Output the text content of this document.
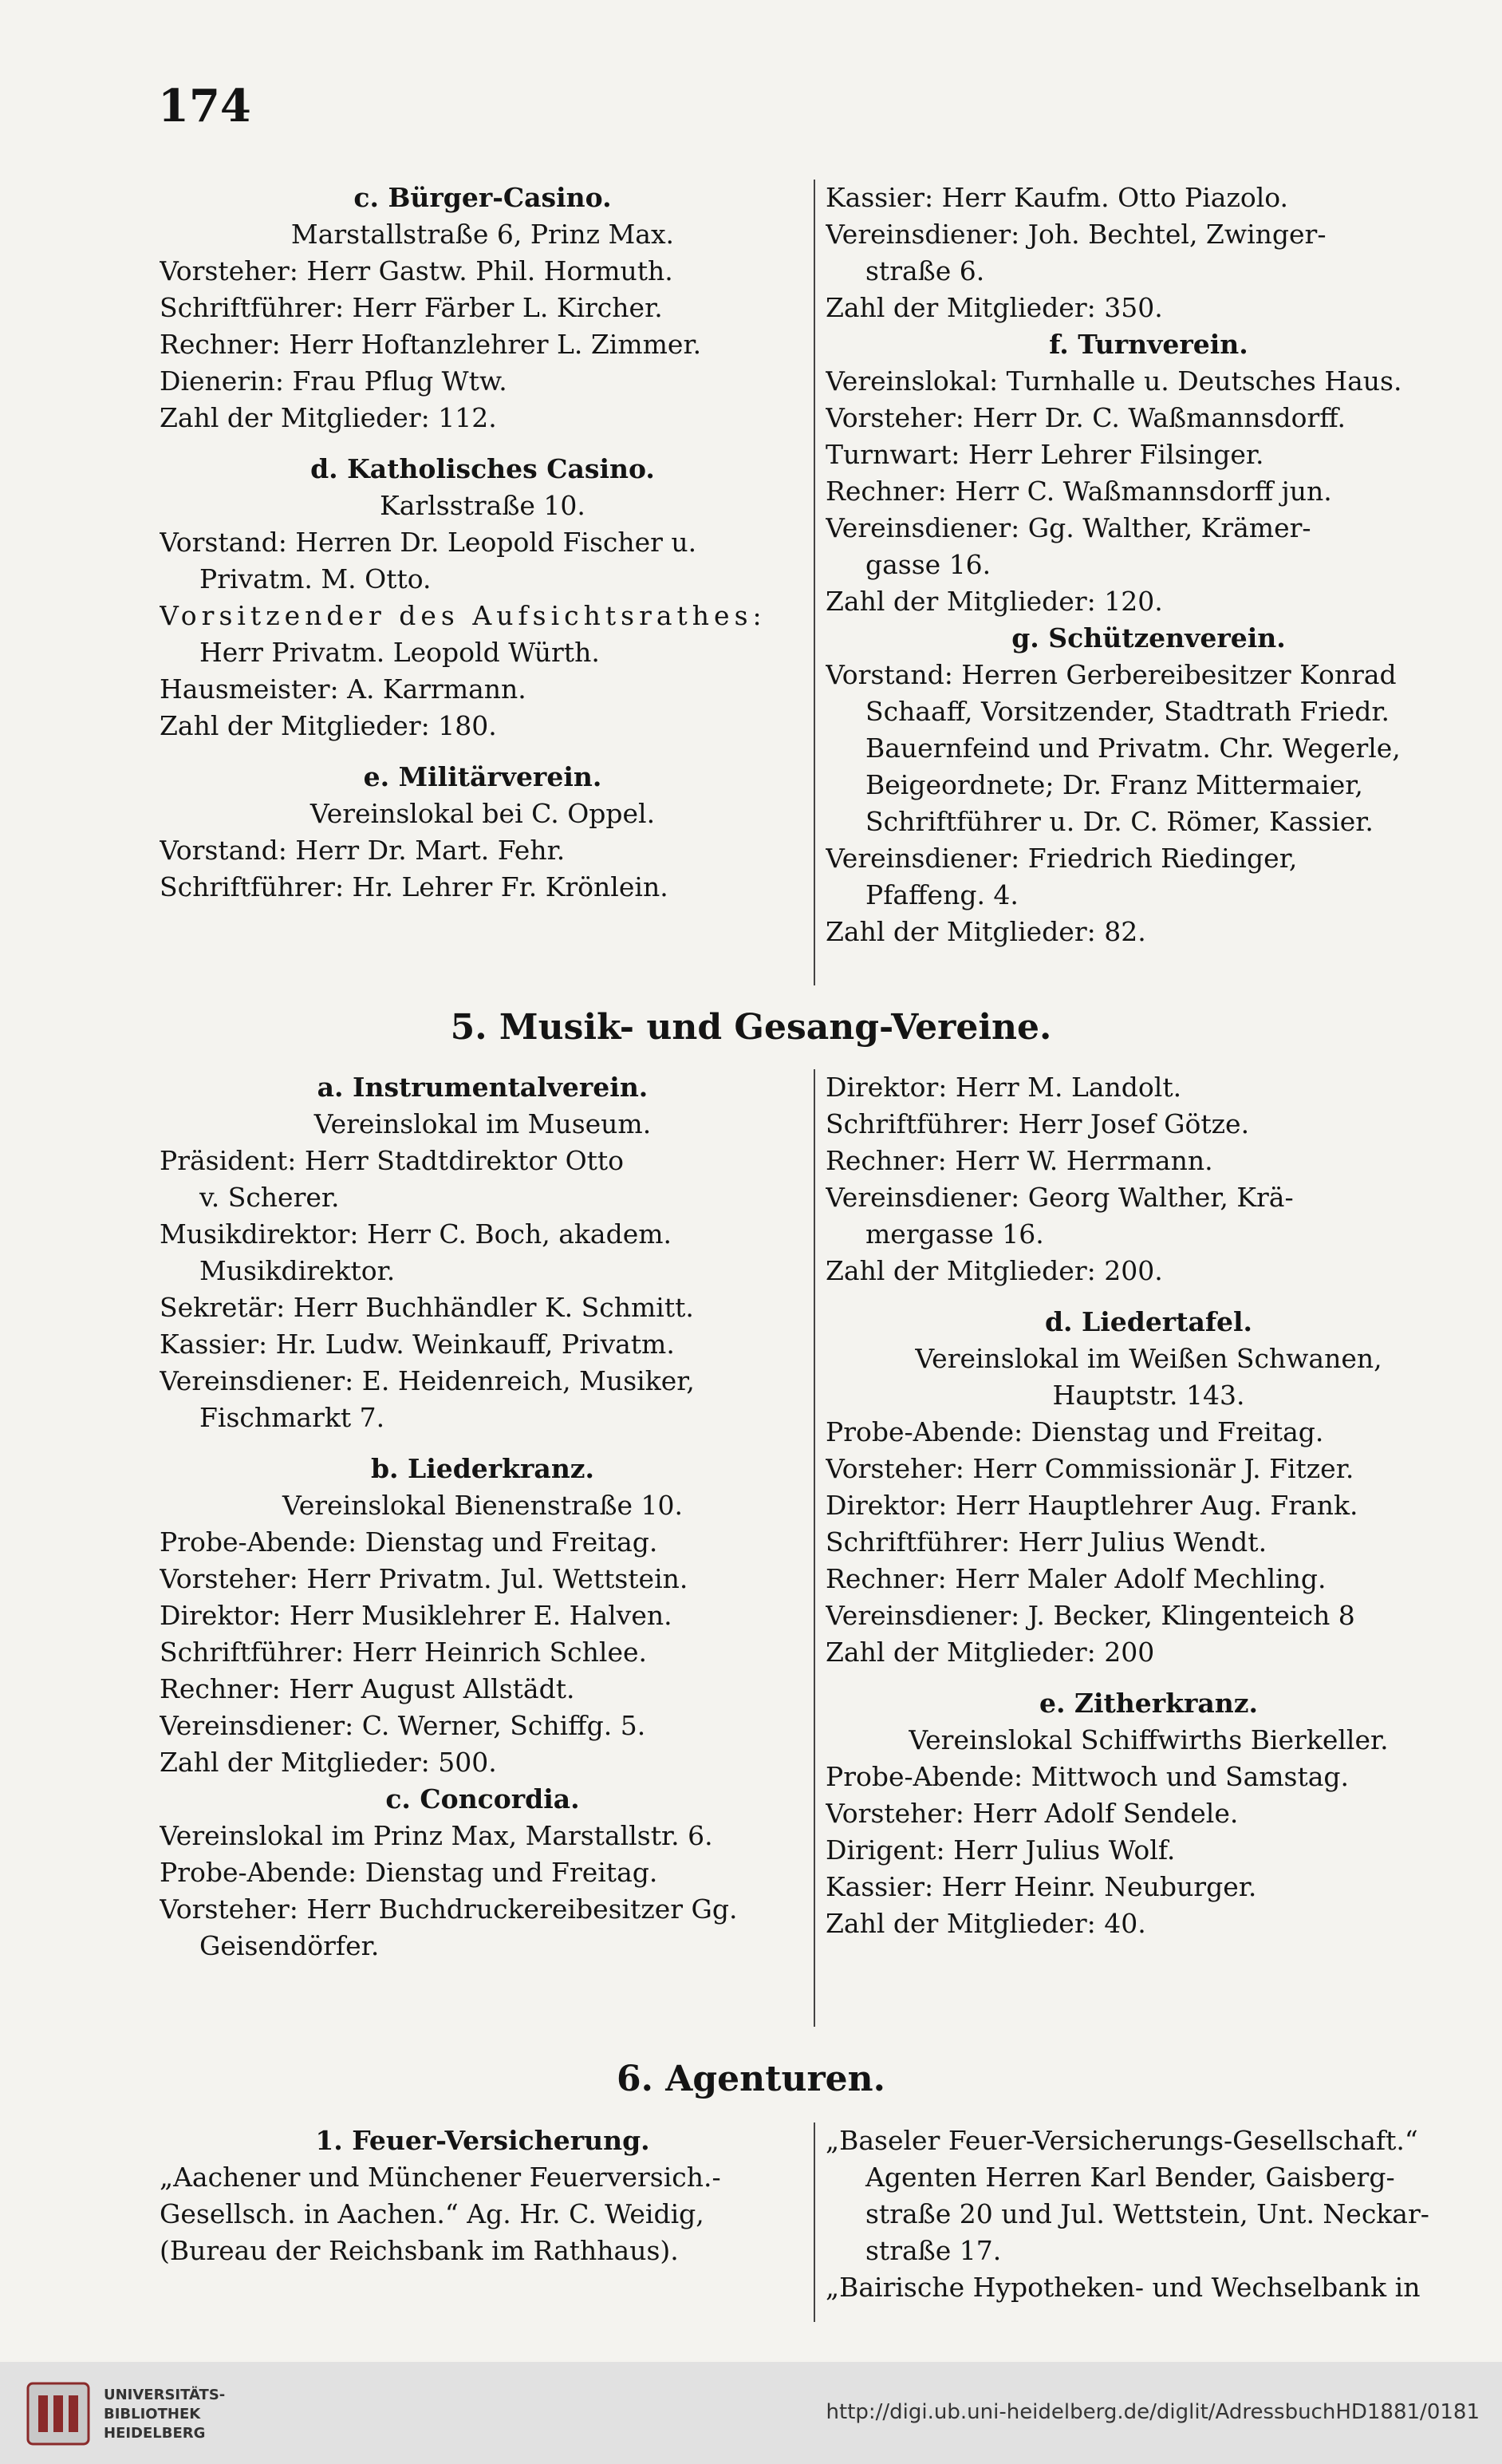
174
c. Bürger-Casino.
Marstallstraße 6, Prinz Max.
Vorsteher: Herr Gastw. Phil. Hormuth.
Schriftführer: Herr Färber L. Kircher.
Rechner: Herr Hoftanzlehrer L. Zimmer.
Dienerin: Frau Pflug Wtw.
Zahl der Mitglieder: 112.
d. Katholisches Casino.
Karlsstraße 10.
Vorstand: Herren Dr. Leopold Fischer u.
Privatm. M. Otto.
Vorsitzender des Aufsichtsrathes:
Herr Privatm. Leopold Würth.
Hausmeister: A. Karrmann.
Zahl der Mitglieder: 180.
e. Militärverein.
Vereinslokal bei C. Oppel.
Vorstand: Herr Dr. Mart. Fehr.
Schriftführer: Hr. Lehrer Fr. Krönlein.
Kassier: Herr Kaufm. Otto Piazolo.
Vereinsdiener: Joh. Bechtel, Zwinger-
straße 6.
Zahl der Mitglieder: 350.
f. Turnverein.
Vereinslokal: Turnhalle u. Deutsches Haus.
Vorsteher: Herr Dr. C. Waßmannsdorff.
Turnwart: Herr Lehrer Filsinger.
Rechner: Herr C. Waßmannsdorff jun.
Vereinsdiener: Gg. Walther, Krämer-
gasse 16.
Zahl der Mitglieder: 120.
g. Schützenverein.
Vorstand: Herren Gerbereibesitzer Konrad
Schaaff, Vorsitzender, Stadtrath Friedr.
Bauernfeind und Privatm. Chr. Wegerle,
Beigeordnete; Dr. Franz Mittermaier,
Schriftführer u. Dr. C. Römer, Kassier.
Vereinsdiener: Friedrich Riedinger,
Pfaffeng. 4.
Zahl der Mitglieder: 82.
5. Musik- und Gesang-Vereine.
a. Instrumentalverein.
Vereinslokal im Museum.
Präsident: Herr Stadtdirektor Otto
v. Scherer.
Musikdirektor: Herr C. Boch, akadem.
Musikdirektor.
Sekretär: Herr Buchhändler K. Schmitt.
Kassier: Hr. Ludw. Weinkauff, Privatm.
Vereinsdiener: E. Heidenreich, Musiker,
Fischmarkt 7.
b. Liederkranz.
Vereinslokal Bienenstraße 10.
Probe-Abende: Dienstag und Freitag.
Vorsteher: Herr Privatm. Jul. Wettstein.
Direktor: Herr Musiklehrer E. Halven.
Schriftführer: Herr Heinrich Schlee.
Rechner: Herr August Allstädt.
Vereinsdiener: C. Werner, Schiffg. 5.
Zahl der Mitglieder: 500.
c. Concordia.
Vereinslokal im Prinz Max, Marstallstr. 6.
Probe-Abende: Dienstag und Freitag.
Vorsteher: Herr Buchdruckereibesitzer Gg.
Geisendörfer.
Direktor: Herr M. Landolt.
Schriftführer: Herr Josef Götze.
Rechner: Herr W. Herrmann.
Vereinsdiener: Georg Walther, Krä-
mergasse 16.
Zahl der Mitglieder: 200.
d. Liedertafel.
Vereinslokal im Weißen Schwanen,
Hauptstr. 143.
Probe-Abende: Dienstag und Freitag.
Vorsteher: Herr Commissionär J. Fitzer.
Direktor: Herr Hauptlehrer Aug. Frank.
Schriftführer: Herr Julius Wendt.
Rechner: Herr Maler Adolf Mechling.
Vereinsdiener: J. Becker, Klingenteich 8
Zahl der Mitglieder: 200
e. Zitherkranz.
Vereinslokal Schiffwirths Bierkeller.
Probe-Abende: Mittwoch und Samstag.
Vorsteher: Herr Adolf Sendele.
Dirigent: Herr Julius Wolf.
Kassier: Herr Heinr. Neuburger.
Zahl der Mitglieder: 40.
6. Agenturen.
1. Feuer-Versicherung.
„Aachener und Münchener Feuerversich.-
Gesellsch. in Aachen.“ Ag. Hr. C. Weidig,
(Bureau der Reichsbank im Rathhaus).
„Baseler Feuer-Versicherungs-Gesellschaft.“
Agenten Herren Karl Bender, Gaisberg-
straße 20 und Jul. Wettstein, Unt. Neckar-
straße 17.
„Bairische Hypotheken- und Wechselbank in
UNIVERSITÄTS-
BIBLIOTHEK
HEIDELBERG
http://digi.ub.uni-heidelberg.de/diglit/AdressbuchHD1881/0181
